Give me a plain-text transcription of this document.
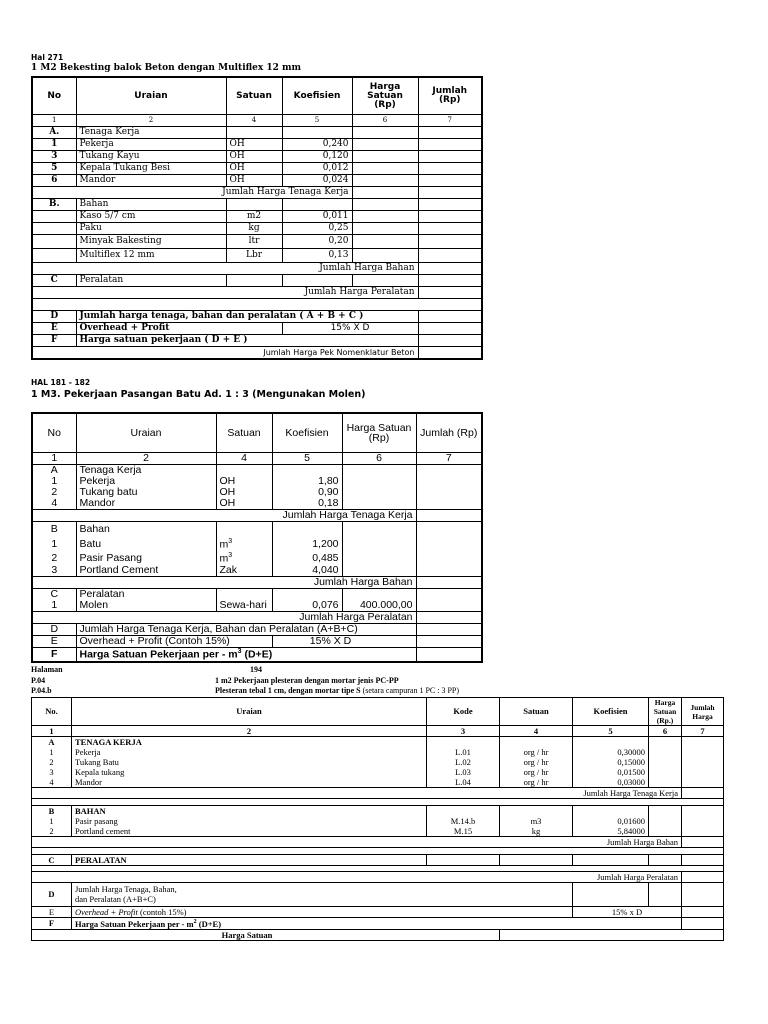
Hal 271
1 M2 Bekesting balok Beton dengan Multiflex 12 mm
No	Uraian	Satuan	Koefisien	Harga Satuan (Rp)	Jumlah (Rp)
1	2	4	5	6	7
A.	Tenaga Kerja				
1	Pekerja	OH	0,240		
3	Tukang Kayu	OH	0,120		
5	Kepala Tukang Besi	OH	0,012		
6	Mandor	OH	0,024		
Jumlah Harga Tenaga Kerja					
B.	Bahan				
	Kaso 5/7 cm	m2	0,011		
	Paku	kg	0,25		
	Minyak Bakesting	ltr	0,20		
	Multiflex 12 mm	Lbr	0,13		
Jumlah Harga Bahan					
C	Peralatan				
Jumlah Harga Peralatan					

D	Jumlah harga tenaga, bahan dan peralatan ( A + B + C )				
E	Overhead + Profit		15% X D		
F	Harga satuan pekerjaan ( D + E )				
Jumlah Harga Pek Nomenklatur Beton					
HAL 181 - 182
1 M3. Pekerjaan Pasangan Batu Ad. 1 : 3 (Mengunakan Molen)
No	Uraian	Satuan	Koefisien	Harga Satuan (Rp)	Jumlah (Rp)
1	2	4	5	6	7
A	Tenaga Kerja				
1	Pekerja	OH	1,80		
2	Tukang batu	OH	0,90		
4	Mandor	OH	0,18		
Jumlah Harga Tenaga Kerja					
B	Bahan				
1	Batu	$m^3$	1,200		
2	Pasir Pasang	$m^3$	0,485		
3	Portland Cement	Zak	4,040		
Jumlah Harga Bahan					
C	Peralatan				
1	Molen	Sewa-hari	0,076	400.000,00	
Jumlah Harga Peralatan					
D	Jumlah Harga Tenaga Kerja, Bahan dan Peralatan (A+B+C)				
E	Overhead + Profit (Contoh 15%)		15% X D		
F	Harga Satuan Pekerjaan per - $m^3$ (D+E)				
Halaman	194
P.04	1 m2 Pekerjaan plesteran dengan mortar jenis PC-PP
P.04.b	Plesteran tebal 1 cm, dengan mortar tipe S (setara campuran 1 PC : 3 PP)
No.	Uraian	Kode	Satuan	Koefisien	Harga Satuan (Rp.)	Jumlah Harga
1	2	3	4	5	6	7
A	TENAGA KERJA					
1	Pekerja	L.01	org / hr	0,30000		
2	Tukang Batu	L.02	org / hr	0,15000		
3	Kepala tukang	L.03	org / hr	0,01500		
4	Mandor	L.04	org / hr	0,03000		
Jumlah Harga Tenaga Kerja						

B	BAHAN					
1	Pasir pasang	M.14.b	m3	0,01600		
2	Portland cement	M.15	kg	5,84000		
Jumlah Harga Bahan						

C	PERALATAN					

Jumlah Harga Peralatan						
D	Jumlah Harga Tenaga, Bahan,
dan Peralatan (A+B+C)					
E	Overhead + Profit (contoh 15%)			15% x D		
F	Harga Satuan Pekerjaan per - $m^2$ (D+E)					
Harga Satuan						
